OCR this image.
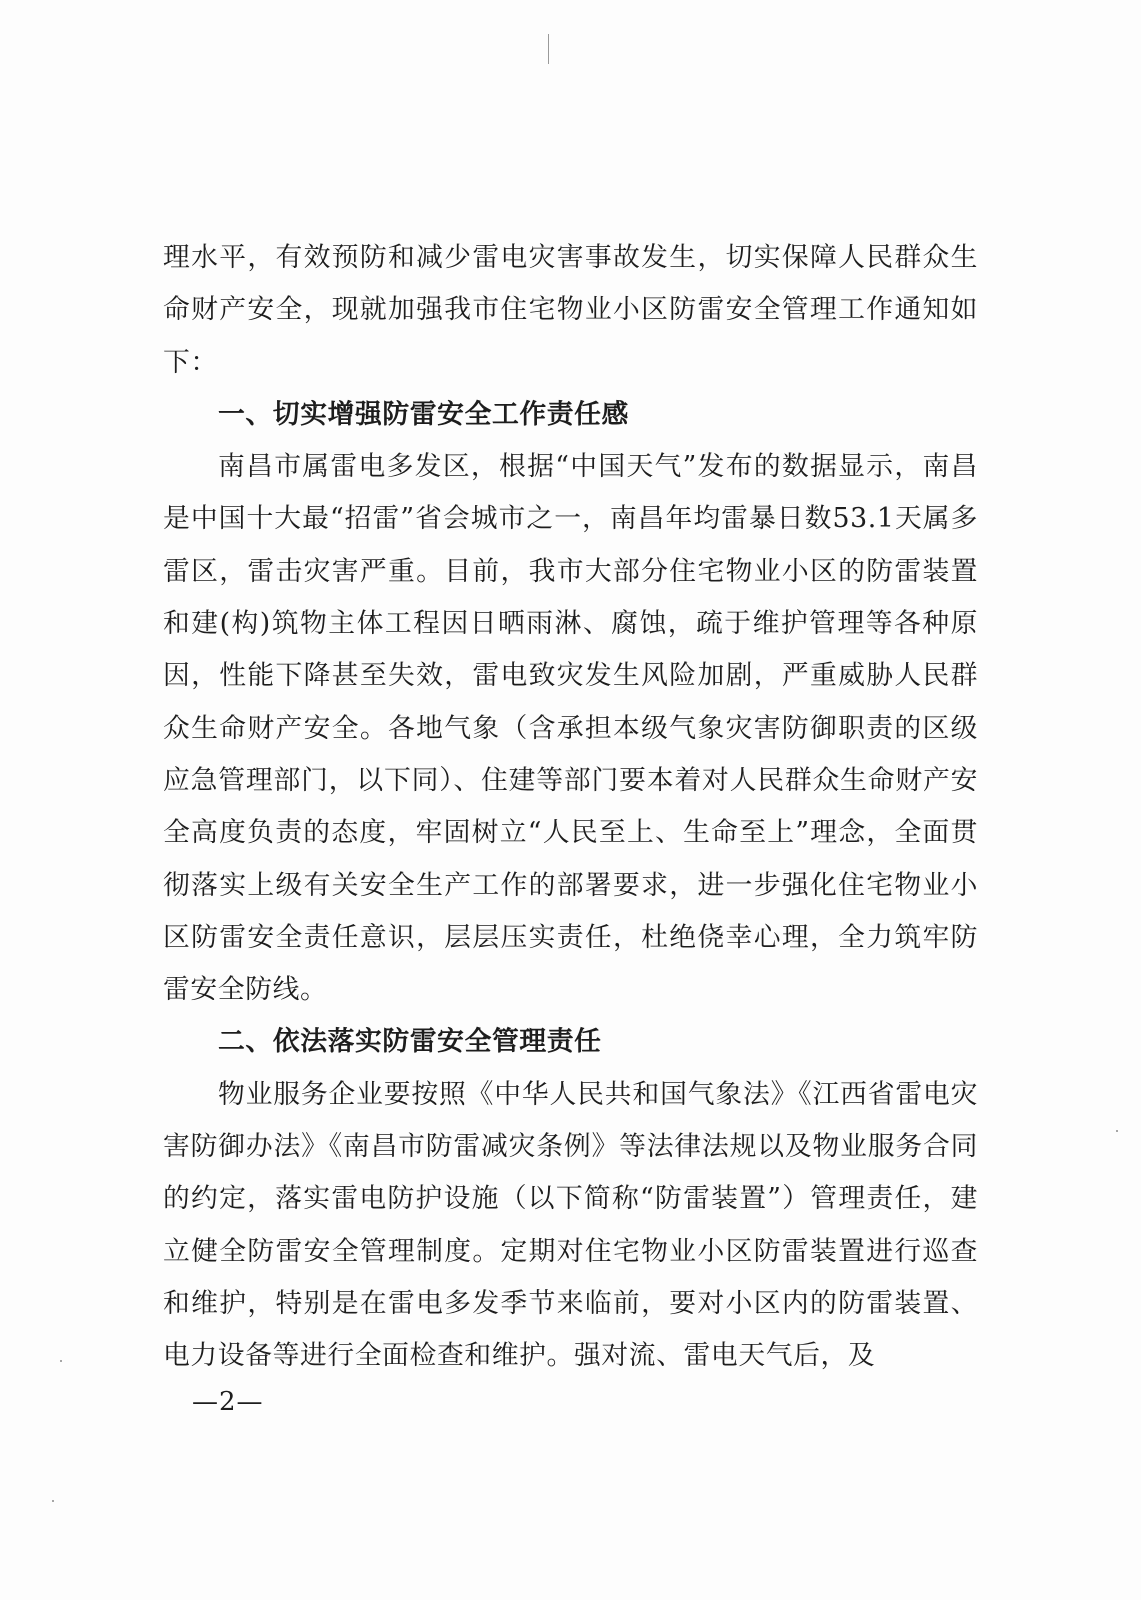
理水平，有效预防和减少雷电灾害事故发生，切实保障人民群众生命财产安全，现就加强我市住宅物业小区防雷安全管理工作通知如下：

一、切实增强防雷安全工作责任感

南昌市属雷电多发区，根据“中国天气”发布的数据显示，南昌是中国十大最“招雷”省会城市之一，南昌年均雷暴日数53.1天属多雷区，雷击灾害严重。目前，我市大部分住宅物业小区的防雷装置和建(构)筑物主体工程因日晒雨淋、腐蚀，疏于维护管理等各种原因，性能下降甚至失效，雷电致灾发生风险加剧，严重威胁人民群众生命财产安全。各地气象（含承担本级气象灾害防御职责的区级应急管理部门，以下同）、住建等部门要本着对人民群众生命财产安全高度负责的态度，牢固树立“人民至上、生命至上”理念，全面贯彻落实上级有关安全生产工作的部署要求，进一步强化住宅物业小区防雷安全责任意识，层层压实责任，杜绝侥幸心理，全力筑牢防雷安全防线。

二、依法落实防雷安全管理责任

物业服务企业要按照《中华人民共和国气象法》《江西省雷电灾害防御办法》《南昌市防雷减灾条例》等法律法规以及物业服务合同的约定，落实雷电防护设施（以下简称“防雷装置”）管理责任，建立健全防雷安全管理制度。定期对住宅物业小区防雷装置进行巡查和维护，特别是在雷电多发季节来临前，要对小区内的防雷装置、电力设备等进行全面检查和维护。强对流、雷电天气后，及

—2—
